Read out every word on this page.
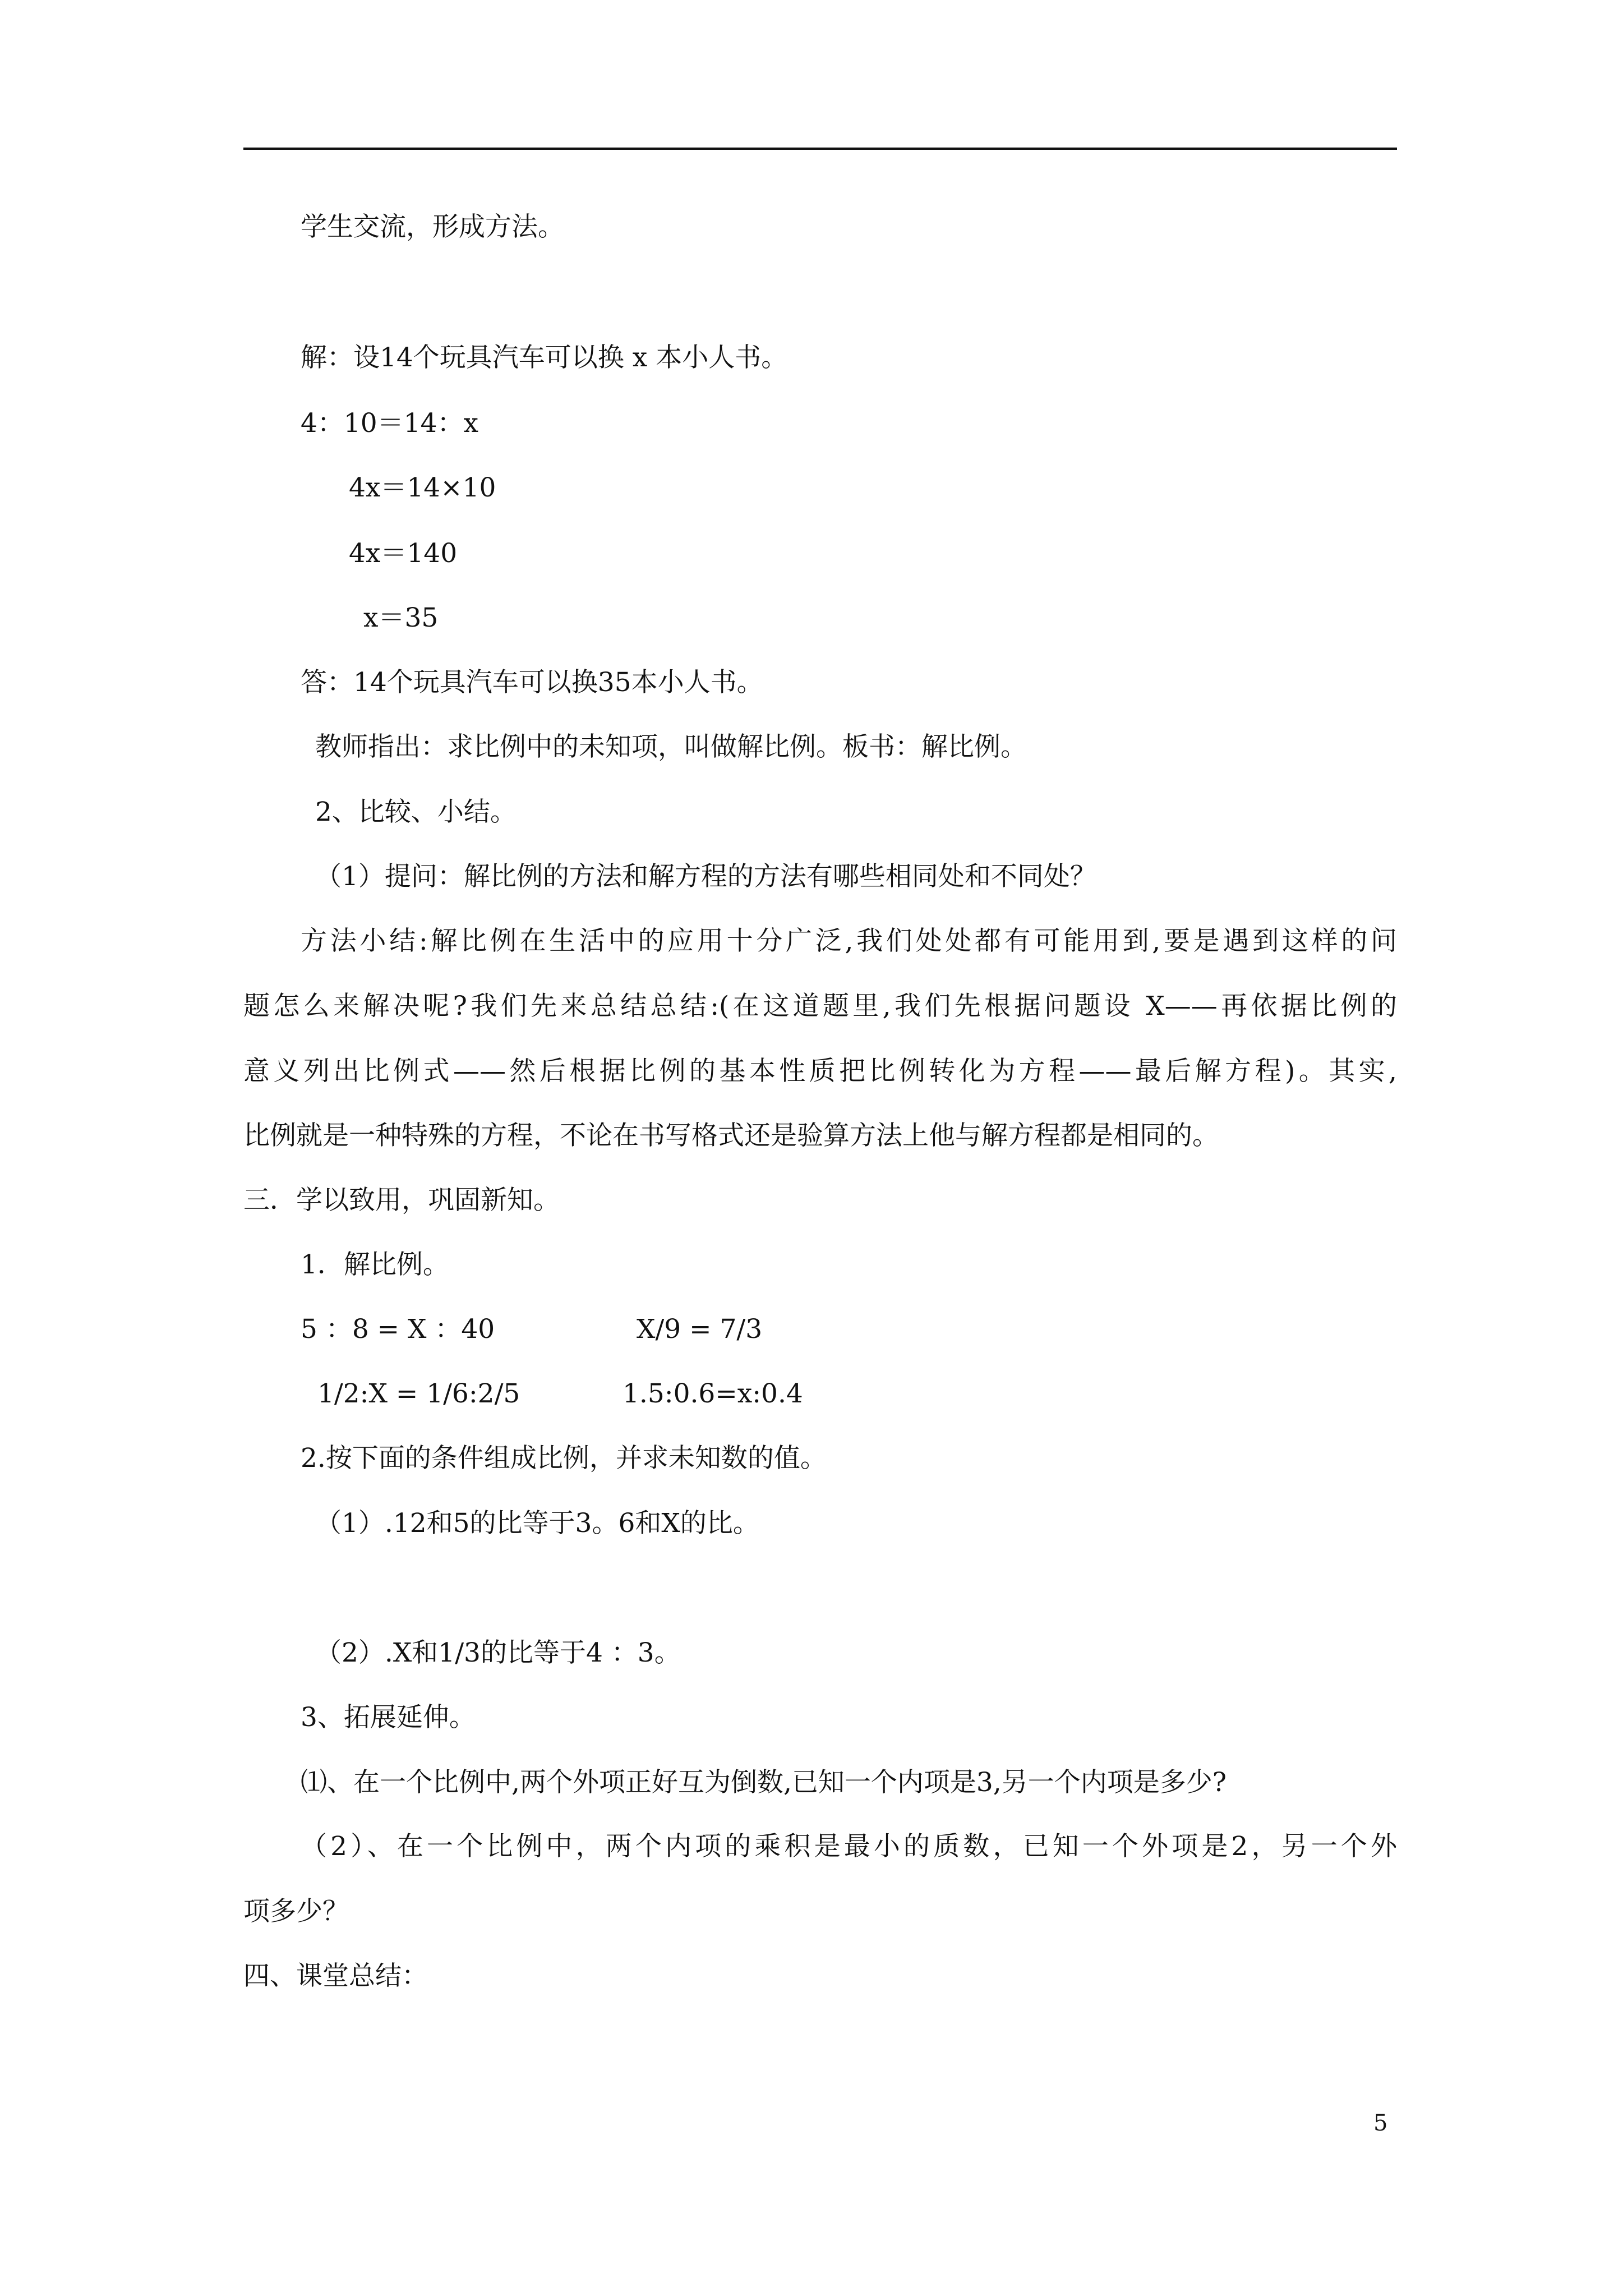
学生交流，形成方法。
解：设14个玩具汽车可以换 x 本小人书。
4：10＝14：x
4x＝14×10
4x＝140
x＝35
答：14个玩具汽车可以换35本小人书。
教师指出：求比例中的未知项，叫做解比例。板书：解比例。
2、比较、小结。
（1）提问：解比例的方法和解方程的方法有哪些相同处和不同处？
方法小结:解比例在生活中的应用十分广泛,我们处处都有可能用到,要是遇到这样的问
题怎么来解决呢?我们先来总结总结:(在这道题里,我们先根据问题设 X——再依据比例的
意义列出比例式——然后根据比例的基本性质把比例转化为方程——最后解方程)。其实,
比例就是一种特殊的方程，不论在书写格式还是验算方法上他与解方程都是相同的。
三．学以致用，巩固新知。
1．解比例。
5 ：8 = X ：40	X/9 = 7/3
1/2:X = 1/6:2/5	1.5:0.6=x:0.4
2.按下面的条件组成比例，并求未知数的值。
（1）.12和5的比等于3。6和X的比。
（2）.X和1/3的比等于4 ：3。
3、拓展延伸。
⑴、在一个比例中,两个外项正好互为倒数,已知一个内项是3,另一个内项是多少?
（2）、在一个比例中，两个内项的乘积是最小的质数，已知一个外项是2，另一个外
项多少？
四、课堂总结：
5
